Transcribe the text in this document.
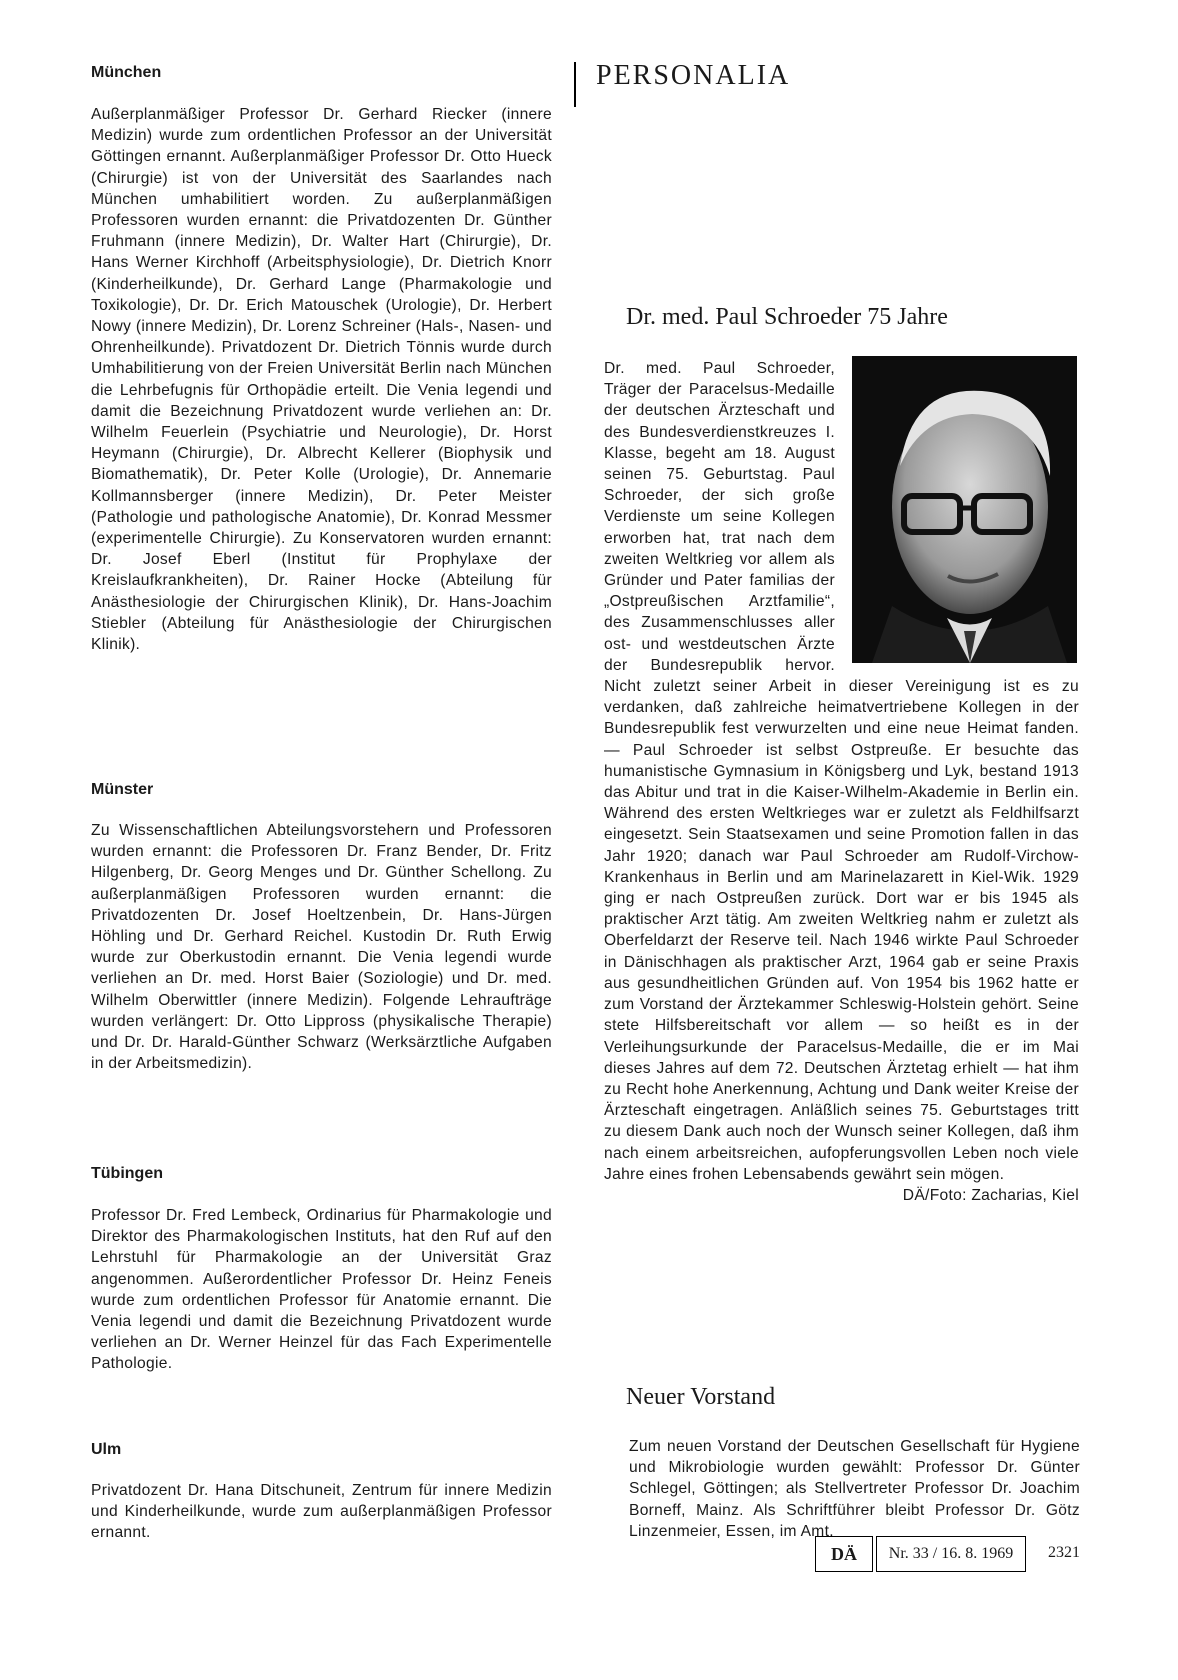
München
Außerplanmäßiger Professor Dr. Gerhard Riecker (innere Medizin) wurde zum ordentlichen Professor an der Universität Göttingen ernannt. Außerplanmäßiger Professor Dr. Otto Hueck (Chirurgie) ist von der Universität des Saarlandes nach München umhabilitiert worden. Zu außerplanmäßigen Professoren wurden ernannt: die Privatdozenten Dr. Günther Fruhmann (innere Medizin), Dr. Walter Hart (Chirurgie), Dr. Hans Werner Kirchhoff (Arbeitsphysiologie), Dr. Dietrich Knorr (Kinderheilkunde), Dr. Gerhard Lange (Pharmakologie und Toxikologie), Dr. Dr. Erich Matouschek (Urologie), Dr. Herbert Nowy (innere Medizin), Dr. Lorenz Schreiner (Hals-, Nasen- und Ohrenheilkunde). Privatdozent Dr. Dietrich Tönnis wurde durch Umhabilitierung von der Freien Universität Berlin nach München die Lehrbefugnis für Orthopädie erteilt. Die Venia legendi und damit die Bezeichnung Privatdozent wurde verliehen an: Dr. Wilhelm Feuerlein (Psychiatrie und Neurologie), Dr. Horst Heymann (Chirurgie), Dr. Albrecht Kellerer (Biophysik und Biomathematik), Dr. Peter Kolle (Urologie), Dr. Annemarie Kollmannsberger (innere Medizin), Dr. Peter Meister (Pathologie und pathologische Anatomie), Dr. Konrad Messmer (experimentelle Chirurgie). Zu Konservatoren wurden ernannt: Dr. Josef Eberl (Institut für Prophylaxe der Kreislaufkrankheiten), Dr. Rainer Hocke (Abteilung für Anästhesiologie der Chirurgischen Klinik), Dr. Hans-Joachim Stiebler (Abteilung für Anästhesiologie der Chirurgischen Klinik).
Münster
Zu Wissenschaftlichen Abteilungsvorstehern und Professoren wurden ernannt: die Professoren Dr. Franz Bender, Dr. Fritz Hilgenberg, Dr. Georg Menges und Dr. Günther Schellong. Zu außerplanmäßigen Professoren wurden ernannt: die Privatdozenten Dr. Josef Hoeltzenbein, Dr. Hans-Jürgen Höhling und Dr. Gerhard Reichel. Kustodin Dr. Ruth Erwig wurde zur Oberkustodin ernannt. Die Venia legendi wurde verliehen an Dr. med. Horst Baier (Soziologie) und Dr. med. Wilhelm Oberwittler (innere Medizin). Folgende Lehraufträge wurden verlängert: Dr. Otto Lippross (physikalische Therapie) und Dr. Dr. Harald-Günther Schwarz (Werksärztliche Aufgaben in der Arbeitsmedizin).
Tübingen
Professor Dr. Fred Lembeck, Ordinarius für Pharmakologie und Direktor des Pharmakologischen Instituts, hat den Ruf auf den Lehrstuhl für Pharmakologie an der Universität Graz angenommen. Außerordentlicher Professor Dr. Heinz Feneis wurde zum ordentlichen Professor für Anatomie ernannt. Die Venia legendi und damit die Bezeichnung Privatdozent wurde verliehen an Dr. Werner Heinzel für das Fach Experimentelle Pathologie.
Ulm
Privatdozent Dr. Hana Ditschuneit, Zentrum für innere Medizin und Kinderheilkunde, wurde zum außerplanmäßigen Professor ernannt.
PERSONALIA
Dr. med. Paul Schroeder 75 Jahre
Dr. med. Paul Schroeder, Träger der Paracelsus-Medaille der deutschen Ärzteschaft und des Bundesverdienstkreuzes I. Klasse, begeht am 18. August seinen 75. Geburtstag. Paul Schroeder, der sich große Verdienste um seine Kollegen erworben hat, trat nach dem zweiten Weltkrieg vor allem als Gründer und Pater familias der „Ostpreußischen Arztfamilie“, des Zusammenschlusses aller ost- und westdeutschen Ärzte der Bundesrepublik hervor. Nicht zuletzt seiner Arbeit in dieser Vereinigung ist es zu verdanken, daß zahlreiche heimatvertriebene Kollegen in der Bundesrepublik fest verwurzelten und eine neue Heimat fanden. — Paul Schroeder ist selbst Ostpreuße. Er besuchte das humanistische Gymnasium in Königsberg und Lyk, bestand 1913 das Abitur und trat in die Kaiser-Wilhelm-Akademie in Berlin ein. Während des ersten Weltkrieges war er zuletzt als Feldhilfsarzt eingesetzt. Sein Staatsexamen und seine Promotion fallen in das Jahr 1920; danach war Paul Schroeder am Rudolf-Virchow-Krankenhaus in Berlin und am Marinelazarett in Kiel-Wik. 1929 ging er nach Ostpreußen zurück. Dort war er bis 1945 als praktischer Arzt tätig. Am zweiten Weltkrieg nahm er zuletzt als Oberfeldarzt der Reserve teil. Nach 1946 wirkte Paul Schroeder in Dänischhagen als praktischer Arzt, 1964 gab er seine Praxis aus gesundheitlichen Gründen auf. Von 1954 bis 1962 hatte er zum Vorstand der Ärztekammer Schleswig-Holstein gehört. Seine stete Hilfsbereitschaft vor allem — so heißt es in der Verleihungsurkunde der Paracelsus-Medaille, die er im Mai dieses Jahres auf dem 72. Deutschen Ärztetag erhielt — hat ihm zu Recht hohe Anerkennung, Achtung und Dank weiter Kreise der Ärzteschaft eingetragen. Anläßlich seines 75. Geburtstages tritt zu diesem Dank auch noch der Wunsch seiner Kollegen, daß ihm nach einem arbeitsreichen, aufopferungsvollen Leben noch viele Jahre eines frohen Lebensabends gewährt sein mögen.
DÄ/Foto: Zacharias, Kiel
Neuer Vorstand
Zum neuen Vorstand der Deutschen Gesellschaft für Hygiene und Mikrobiologie wurden gewählt: Professor Dr. Günter Schlegel, Göttingen; als Stellvertreter Professor Dr. Joachim Borneff, Mainz. Als Schriftführer bleibt Professor Dr. Götz Linzenmeier, Essen, im Amt.
DÄ Nr. 33 / 16. 8. 1969 2321
